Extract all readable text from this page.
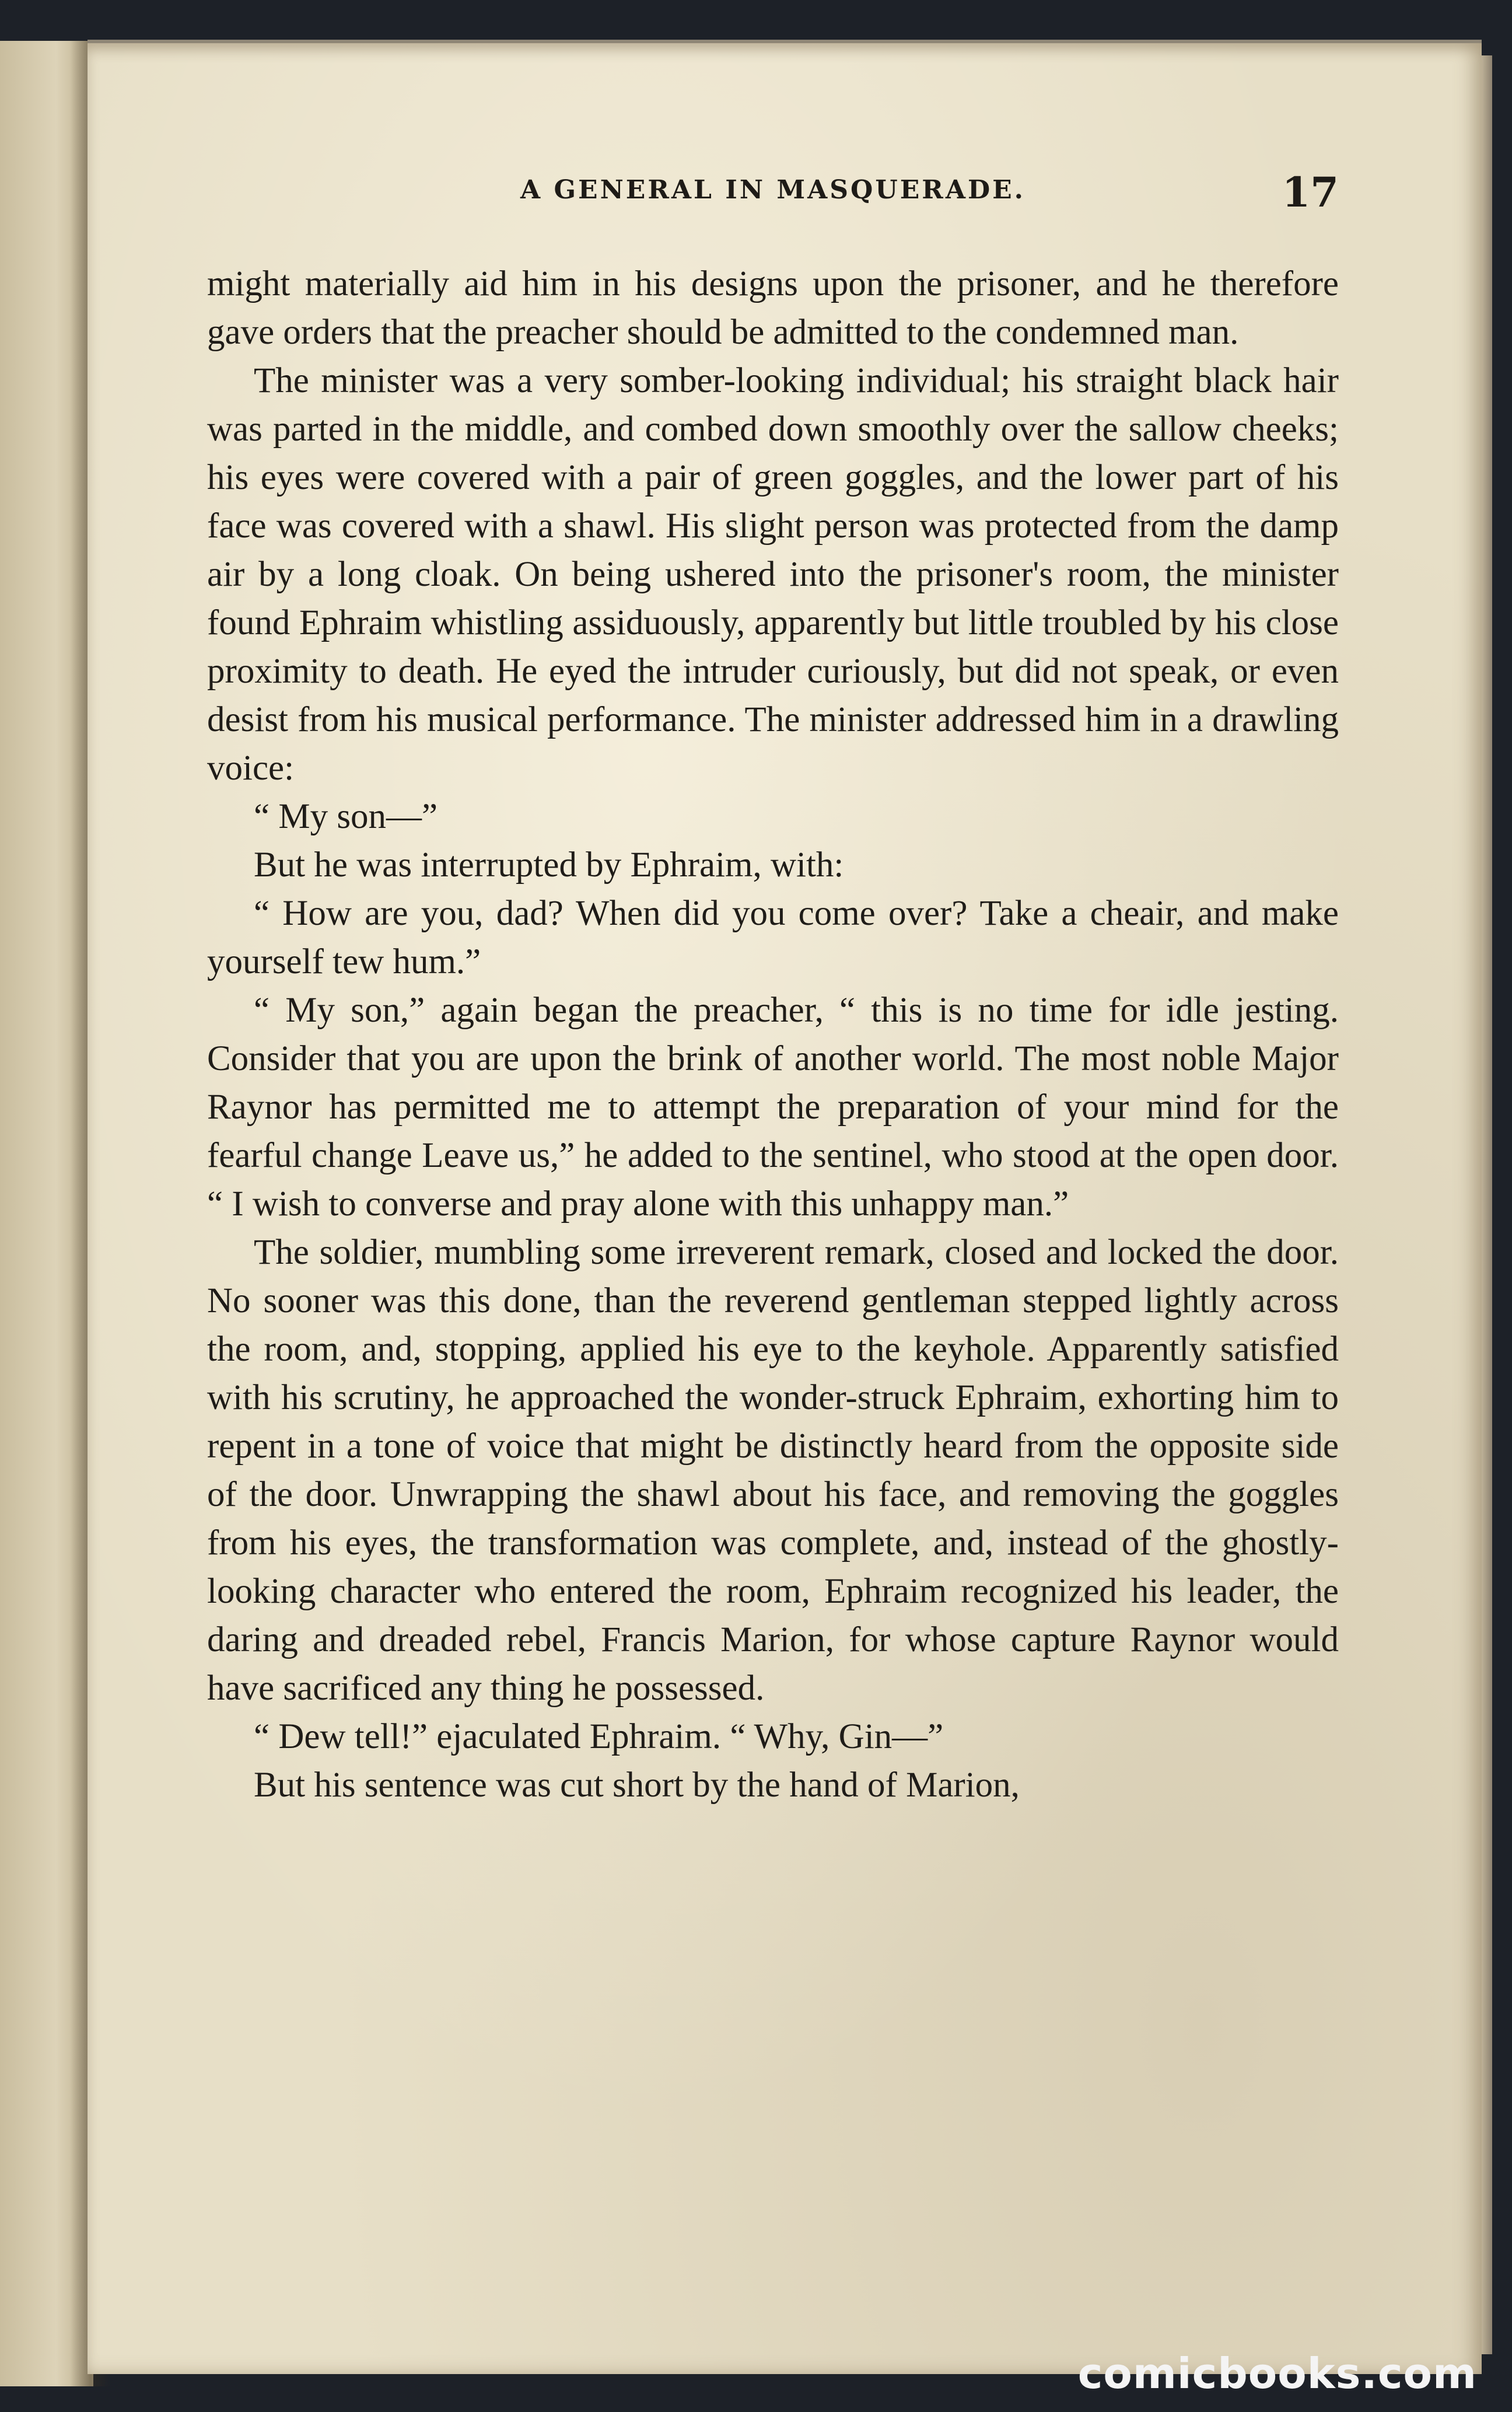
A GENERAL IN MASQUERADE.	17

might materially aid him in his designs upon the prisoner, and he therefore gave orders that the preacher should be admitted to the condemned man.

The minister was a very somber-looking individual; his straight black hair was parted in the middle, and combed down smoothly over the sallow cheeks; his eyes were covered with a pair of green goggles, and the lower part of his face was covered with a shawl. His slight person was protected from the damp air by a long cloak. On being ushered into the prisoner's room, the minister found Ephraim whistling assiduously, apparently but little troubled by his close proximity to death. He eyed the intruder curiously, but did not speak, or even desist from his musical performance. The minister addressed him in a drawling voice:

“ My son—”

But he was interrupted by Ephraim, with:

“ How are you, dad? When did you come over? Take a cheair, and make yourself tew hum.”

“ My son,” again began the preacher, “ this is no time for idle jesting. Consider that you are upon the brink of another world. The most noble Major Raynor has permitted me to attempt the preparation of your mind for the fearful change Leave us,” he added to the sentinel, who stood at the open door. “ I wish to converse and pray alone with this unhappy man.”

The soldier, mumbling some irreverent remark, closed and locked the door. No sooner was this done, than the reverend gentleman stepped lightly across the room, and, stopping, applied his eye to the keyhole. Apparently satisfied with his scrutiny, he approached the wonder-struck Ephraim, exhorting him to repent in a tone of voice that might be distinctly heard from the opposite side of the door. Unwrapping the shawl about his face, and removing the goggles from his eyes, the transformation was complete, and, instead of the ghostly-looking character who entered the room, Ephraim recognized his leader, the daring and dreaded rebel, Francis Marion, for whose capture Raynor would have sacrificed any thing he possessed.

“ Dew tell!” ejaculated Ephraim. “ Why, Gin—”

But his sentence was cut short by the hand of Marion,

comicbooks.com
